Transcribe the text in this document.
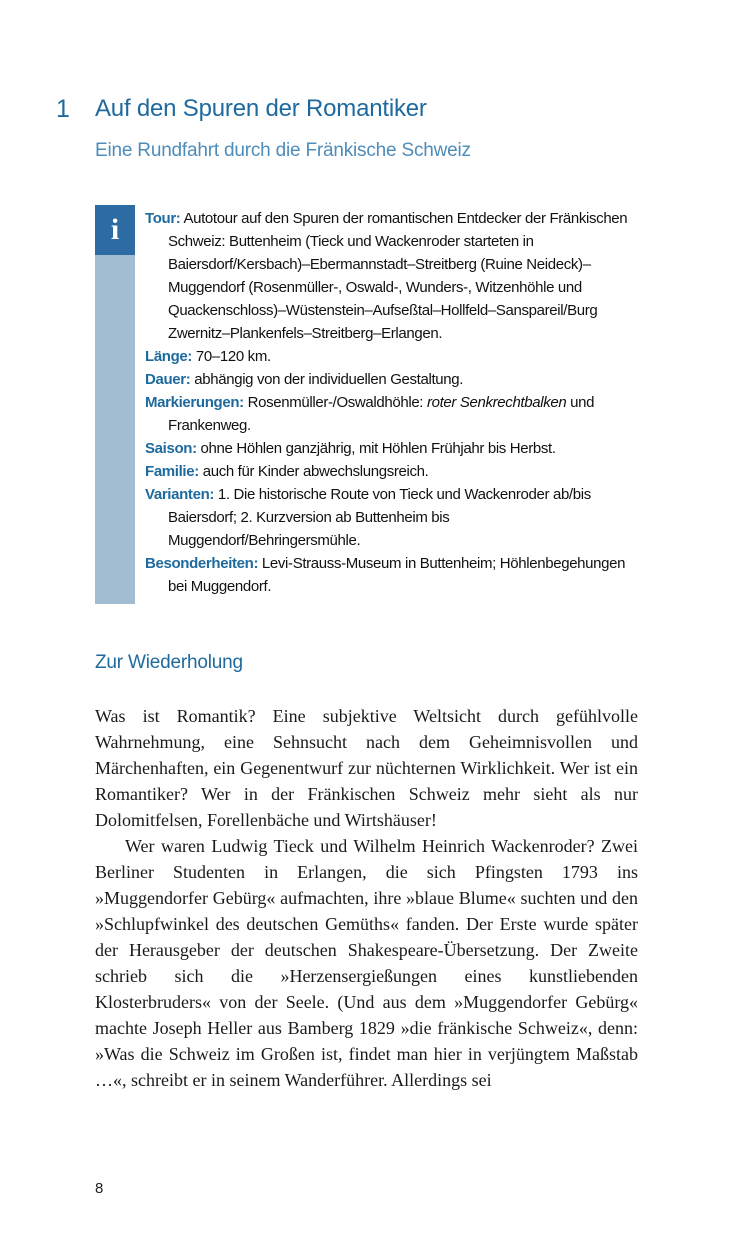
1 Auf den Spuren der Romantiker
Eine Rundfahrt durch die Fränkische Schweiz
i	Tour: Autotour auf den Spuren der romantischen Entdecker der Fränkischen Schweiz: Buttenheim (Tieck und Wackenroder starteten in Baiersdorf/Kersbach)–Ebermannstadt–Streitberg (Ruine Neideck)–Muggendorf (Rosenmüller-, Oswald-, Wunders-, Witzenhöhle und Quackenschloss)–Wüstenstein–Aufseßtal–Hollfeld–Sanspareil/Burg Zwernitz–Plankenfels–Streitberg–Erlangen.

Länge: 70–120 km.

Dauer: abhängig von der individuellen Gestaltung.

Markierungen: Rosenmüller-/Oswaldhöhle: roter Senkrechtbalken und Frankenweg.

Saison: ohne Höhlen ganzjährig, mit Höhlen Frühjahr bis Herbst.

Familie: auch für Kinder abwechslungsreich.

Varianten: 1. Die historische Route von Tieck und Wackenroder ab/bis Baiersdorf; 2. Kurzversion ab Buttenheim bis Muggendorf/Behringersmühle.

Besonderheiten: Levi-Strauss-Museum in Buttenheim; Höhlenbegehungen bei Muggendorf.

Zur Wiederholung

Was ist Romantik? Eine subjektive Weltsicht durch gefühlvolle Wahrnehmung, eine Sehnsucht nach dem Geheimnisvollen und Märchenhaften, ein Gegenentwurf zur nüchternen Wirklichkeit. Wer ist ein Romantiker? Wer in der Fränkischen Schweiz mehr sieht als nur Dolomitfelsen, Forellenbäche und Wirtshäuser!

Wer waren Ludwig Tieck und Wilhelm Heinrich Wackenroder? Zwei Berliner Studenten in Erlangen, die sich Pfingsten 1793 ins »Muggendorfer Gebürg« aufmachten, ihre »blaue Blume« suchten und den »Schlupfwinkel des deutschen Gemüths« fanden. Der Erste wurde später der Herausgeber der deutschen Shakespeare-Übersetzung. Der Zweite schrieb sich die »Herzensergießungen eines kunstliebenden Klosterbruders« von der Seele. (Und aus dem »Muggendorfer Gebürg« machte Joseph Heller aus Bamberg 1829 »die fränkische Schweiz«, denn: »Was die Schweiz im Großen ist, findet man hier in verjüngtem Maßstab …«, schreibt er in seinem Wanderführer. Allerdings sei

8
